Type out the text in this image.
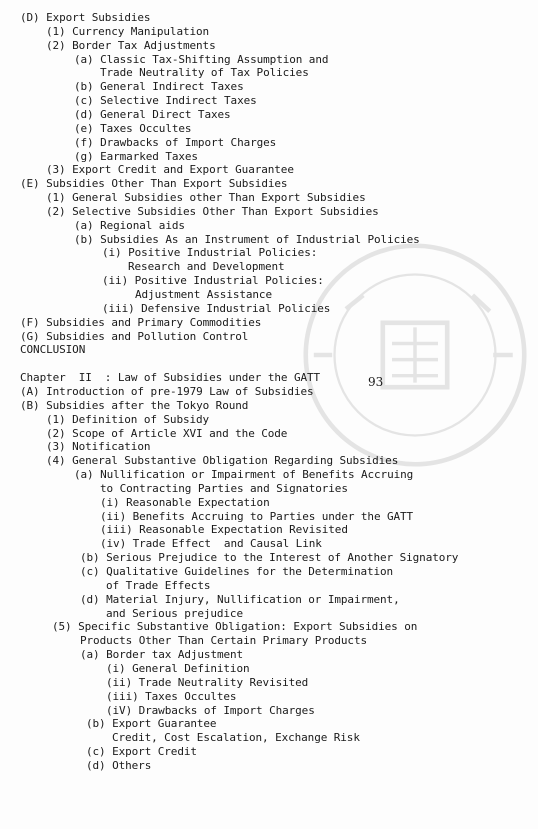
93
(D) Export Subsidies
(1) Currency Manipulation
(2) Border Tax Adjustments
(a) Classic Tax-Shifting Assumption and
Trade Neutrality of Tax Policies
(b) General Indirect Taxes
(c) Selective Indirect Taxes
(d) General Direct Taxes
(e) Taxes Occultes
(f) Drawbacks of Import Charges
(g) Earmarked Taxes
(3) Export Credit and Export Guarantee
(E) Subsidies Other Than Export Subsidies
(1) General Subsidies other Than Export Subsidies
(2) Selective Subsidies Other Than Export Subsidies
(a) Regional aids
(b) Subsidies As an Instrument of Industrial Policies
(i) Positive Industrial Policies:
Research and Development
(ii) Positive Industrial Policies:
Adjustment Assistance
(iii) Defensive Industrial Policies
(F) Subsidies and Primary Commodities
(G) Subsidies and Pollution Control
CONCLUSION
Chapter  II  : Law of Subsidies under the GATT
(A) Introduction of pre-1979 Law of Subsidies
(B) Subsidies after the Tokyo Round
(1) Definition of Subsidy
(2) Scope of Article XVI and the Code
(3) Notification
(4) General Substantive Obligation Regarding Subsidies
(a) Nullification or Impairment of Benefits Accruing
to Contracting Parties and Signatories
(i) Reasonable Expectation
(ii) Benefits Accruing to Parties under the GATT
(iii) Reasonable Expectation Revisited
(iv) Trade Effect  and Causal Link
(b) Serious Prejudice to the Interest of Another Signatory
(c) Qualitative Guidelines for the Determination
of Trade Effects
(d) Material Injury, Nullification or Impairment,
and Serious prejudice
(5) Specific Substantive Obligation: Export Subsidies on
Products Other Than Certain Primary Products
(a) Border tax Adjustment
(i) General Definition
(ii) Trade Neutrality Revisited
(iii) Taxes Occultes
(iV) Drawbacks of Import Charges
(b) Export Guarantee
Credit, Cost Escalation, Exchange Risk
(c) Export Credit
(d) Others
